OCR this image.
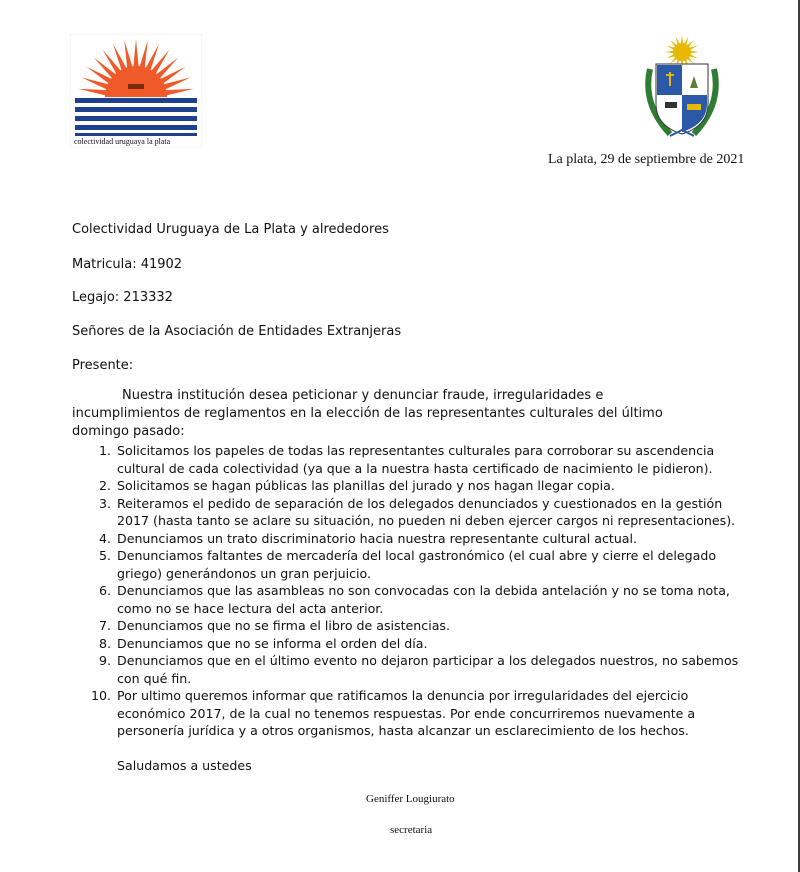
colectividad uruguaya la plata
La plata, 29 de septiembre de 2021
Colectividad Uruguaya de La Plata y alrededores
Matricula: 41902
Legajo: 213332
Señores de la Asociación de Entidades Extranjeras
Presente:
Nuestra institución desea peticionar y denunciar fraude, irregularidades e incumplimientos de reglamentos en la elección de las representantes culturales del último domingo pasado:
1. Solicitamos los papeles de todas las representantes culturales para corroborar su ascendencia cultural de cada colectividad (ya que a la nuestra hasta certificado de nacimiento le pidieron).
2. Solicitamos se hagan públicas las planillas del jurado y nos hagan llegar copia.
3. Reiteramos el pedido de separación de los delegados denunciados y cuestionados en la gestión 2017 (hasta tanto se aclare su situación, no pueden ni deben ejercer cargos ni representaciones).
4. Denunciamos un trato discriminatorio hacia nuestra representante cultural actual.
5. Denunciamos faltantes de mercadería del local gastronómico (el cual abre y cierre el delegado griego) generándonos un gran perjuicio.
6. Denunciamos que las asambleas no son convocadas con la debida antelación y no se toma nota, como no se hace lectura del acta anterior.
7. Denunciamos que no se firma el libro de asistencias.
8. Denunciamos que no se informa el orden del día.
9. Denunciamos que en el último evento no dejaron participar a los delegados nuestros, no sabemos con qué fin.
10. Por ultimo queremos informar que ratificamos la denuncia por irregularidades del ejercicio económico 2017, de la cual no tenemos respuestas. Por ende concurriremos nuevamente a personería jurídica y a otros organismos, hasta alcanzar un esclarecimiento de los hechos.
Saludamos a ustedes
Geniffer Lougiurato
secretaria
